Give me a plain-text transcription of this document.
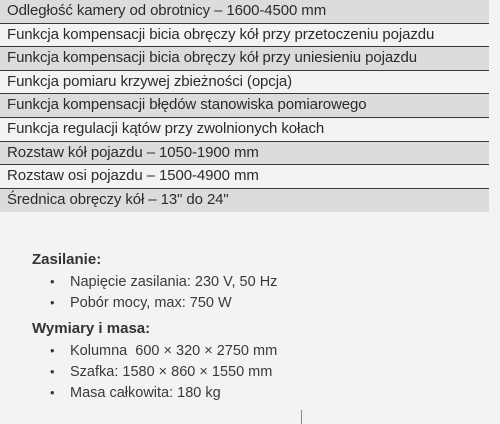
Odległość kamery od obrotnicy – 1600-4500 mm
Funkcja kompensacji bicia obręczy kół przy przetoczeniu pojazdu
Funkcja kompensacji bicia obręczy kół przy uniesieniu pojazdu
Funkcja pomiaru krzywej zbieżności (opcja)
Funkcja kompensacji błędów stanowiska pomiarowego
Funkcja regulacji kątów przy zwolnionych kołach
Rozstaw kół pojazdu – 1050-1900 mm
Rozstaw osi pojazdu – 1500-4900 mm
Średnica obręczy kół – 13" do 24"
Zasilanie:
• Napięcie zasilania: 230 V, 50 Hz
• Pobór mocy, max: 750 W
Wymiary i masa:
• Kolumna  600 × 320 × 2750 mm
• Szafka: 1580 × 860 × 1550 mm
• Masa całkowita: 180 kg
